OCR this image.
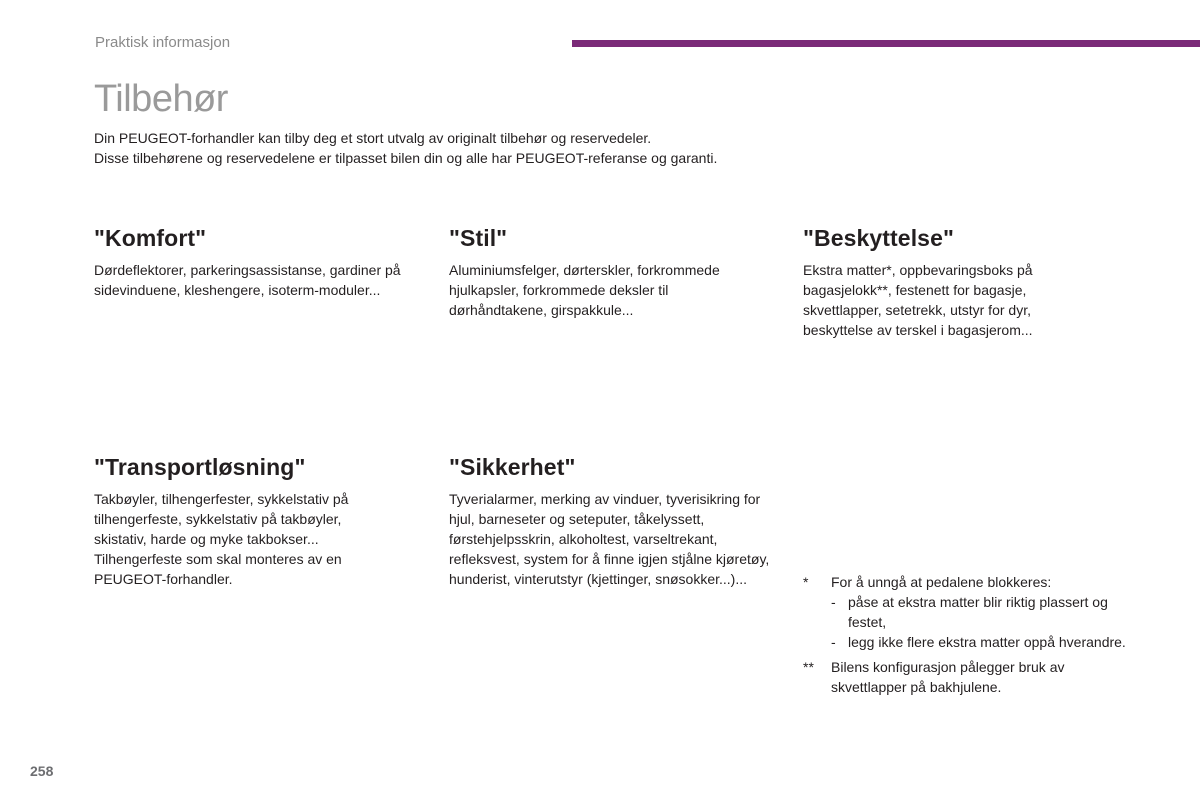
Praktisk informasjon
Tilbehør
Din PEUGEOT-forhandler kan tilby deg et stort utvalg av originalt tilbehør og reservedeler.
Disse tilbehørene og reservedelene er tilpasset bilen din og alle har PEUGEOT-referanse og garanti.
"Komfort"

Dørdeflektorer, parkeringsassistanse, gardiner på sidevinduene, kleshengere, isoterm-moduler...

"Stil"

Aluminiumsfelger, dørterskler, forkrommede hjulkapsler, forkrommede deksler til dørhåndtakene, girspakkule...

"Beskyttelse"

Ekstra matter*, oppbevaringsboks på bagasjelokk**, festenett for bagasje, skvettlapper, setetrekk, utstyr for dyr, beskyttelse av terskel i bagasjerom...

"Transportløsning"

Takbøyler, tilhengerfester, sykkelstativ på tilhengerfeste, sykkelstativ på takbøyler, skistativ, harde og myke takbokser... Tilhengerfeste som skal monteres av en PEUGEOT-forhandler.

"Sikkerhet"

Tyverialarmer, merking av vinduer, tyverisikring for hjul, barneseter og seteputer, tåkelyssett, førstehjelpsskrin, alkoholtest, varseltrekant, refleksvest, system for å finne igjen stjålne kjøretøy, hunderist, vinterutstyr (kjettinger, snøsokker...)...	*	For å unngå at pedalene blokkeres:
- påse at ekstra matter blir riktig plassert og festet,
- legg ikke flere ekstra matter oppå hverandre.
**	Bilens konfigurasjon pålegger bruk av skvettlapper på bakhjulene.
258
